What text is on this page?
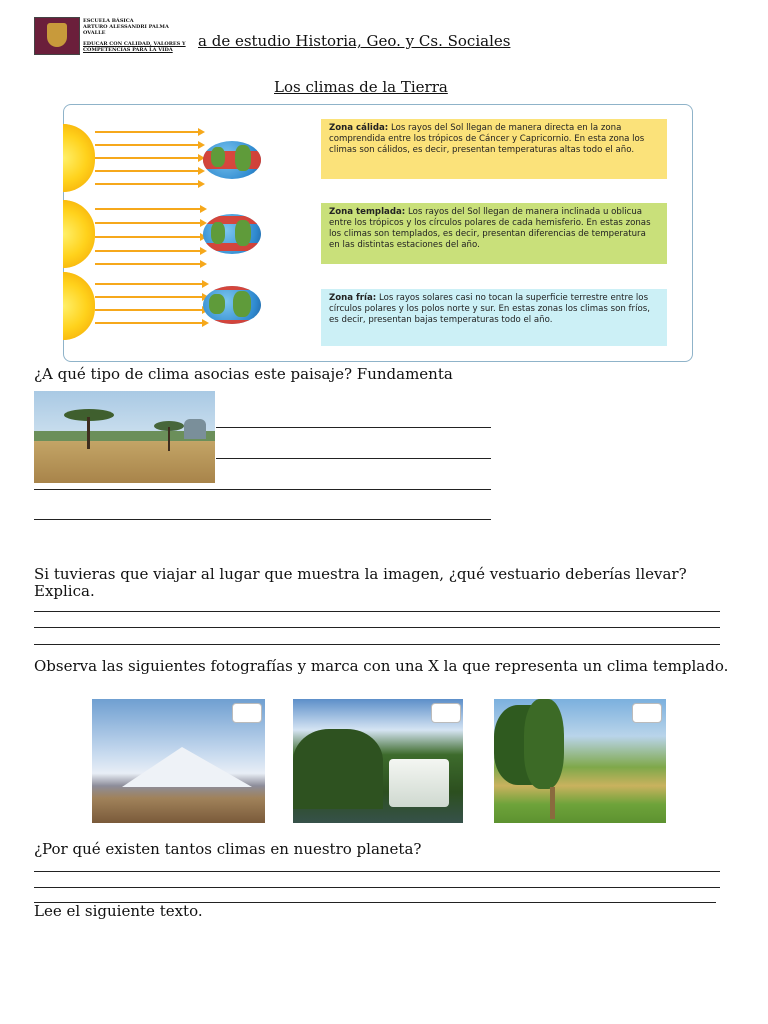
ESCUELA BÁSICA
ARTURO ALESSANDRI PALMA
OVALLE
EDUCAR CON CALIDAD, VALORES Y
COMPETENCIAS PARA LA VIDA	a de estudio Historia, Geo. y Cs. Sociales
Los climas de la Tierra
Zona cálida: Los rayos del Sol llegan de manera directa en la zona comprendida entre los trópicos de Cáncer y Capricornio. En esta zona los climas son cálidos, es decir, presentan temperaturas altas todo el año.
Zona templada: Los rayos del Sol llegan de manera inclinada u oblicua entre los trópicos y los círculos polares de cada hemisferio. En estas zonas los climas son templados, es decir, presentan diferencias de temperatura en las distintas estaciones del año.
Zona fría: Los rayos solares casi no tocan la superficie terrestre entre los círculos polares y los polos norte y sur. En estas zonas los climas son fríos, es decir, presentan bajas temperaturas todo el año.
¿A qué tipo de clima asocias este paisaje? Fundamenta
Si tuvieras que viajar al lugar que muestra la imagen, ¿qué vestuario deberías llevar? Explica.
Observa las siguientes fotografías y marca con una X la que representa un clima templado.
¿Por qué existen tantos climas en nuestro planeta?
Lee el siguiente texto.
